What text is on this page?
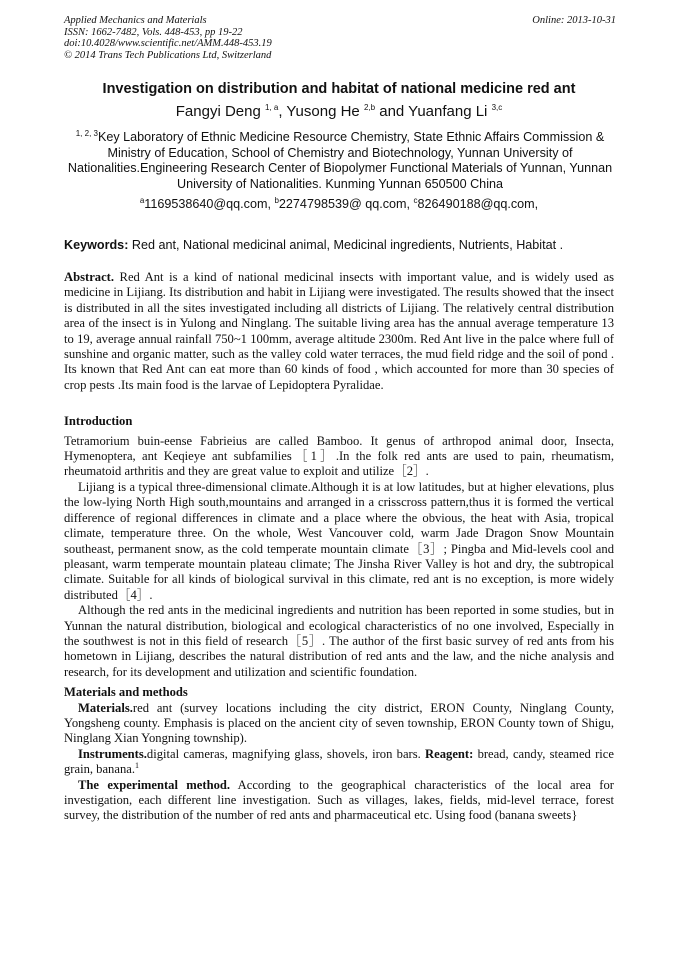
Applied Mechanics and Materials
ISSN: 1662-7482, Vols. 448-453, pp 19-22
doi:10.4028/www.scientific.net/AMM.448-453.19
© 2014 Trans Tech Publications Ltd, Switzerland
Online: 2013-10-31
Investigation on distribution and habitat of national medicine red ant
Fangyi Deng $^{1, a}$, Yusong He $^{2,b}$ and Yuanfang Li $^{3,c}$
$^{1, 2, 3}$Key Laboratory of Ethnic Medicine Resource Chemistry, State Ethnic Affairs Commission & Ministry of Education, School of Chemistry and Biotechnology, Yunnan University of Nationalities.Engineering Research Center of Biopolymer Functional Materials of Yunnan, Yunnan University of Nationalities. Kunming Yunnan 650500 China
$^a$1169538640@qq.com, $^b$2274798539@ qq.com, $^c$826490188@qq.com,
Keywords: Red ant, National medicinal animal, Medicinal ingredients, Nutrients, Habitat .

Abstract. Red Ant is a kind of national medicinal insects with important value, and is widely used as medicine in Lijiang. Its distribution and habit in Lijiang were investigated. The results showed that the insect is distributed in all the sites investigated including all districts of Lijiang. The relatively central distribution area of the insect is in Yulong and Ninglang. The suitable living area has the annual average temperature 13 to 19, average annual rainfall 750~1 100mm, average altitude 2300m. Red Ant live in the palce where full of sunshine and organic matter, such as the valley cold water terraces, the mud field ridge and the soil of pond . Its known that Red Ant can eat more than 60 kinds of food , which accounted for more than 30 species of crop pests .Its main food is the larvae of Lepidoptera Pyralidae.

Introduction

Tetramorium buin-eense Fabrieius are called Bamboo. It genus of arthropod animal door, Insecta, Hymenoptera, ant Keqieye ant subfamilies［1］.In the folk red ants are used to pain, rheumatism, rheumatoid arthritis and they are great value to exploit and utilize［2］.

Lijiang is a typical three-dimensional climate.Although it is at low latitudes, but at higher elevations, plus the low-lying North High south,mountains and arranged in a crisscross pattern,thus it is formed the vertical difference of regional differences in climate and a place where the obvious, the heat with Asia, tropical climate, temperature three. On the whole, West Vancouver cold, warm Jade Dragon Snow Mountain southeast, permanent snow, as the cold temperate mountain climate［3］; Pingba and Mid-levels cool and pleasant, warm temperate mountain plateau climate; The Jinsha River Valley is hot and dry, the subtropical climate. Suitable for all kinds of biological survival in this climate, red ant is no exception, is more widely distributed［4］.

Although the red ants in the medicinal ingredients and nutrition has been reported in some studies, but in Yunnan the natural distribution, biological and ecological characteristics of no one involved, Especially in the southwest is not in this field of research［5］. The author of the first basic survey of red ants from his hometown in Lijiang, describes the natural distribution of red ants and the law, and the niche analysis and research, for its development and utilization and scientific foundation.

Materials and methods

Materials.red ant (survey locations including the city district, ERON County, Ninglang County, Yongsheng county. Emphasis is placed on the ancient city of seven township, ERON County town of Shigu, Ninglang Xian Yongning township).

Instruments.digital cameras, magnifying glass, shovels, iron bars. Reagent: bread, candy, steamed rice grain, banana.$^1$

The experimental method. According to the geographical characteristics of the local area for investigation, each different line investigation. Such as villages, lakes, fields, mid-level terrace, forest survey, the distribution of the number of red ants and pharmaceutical etc. Using food (banana sweets}
